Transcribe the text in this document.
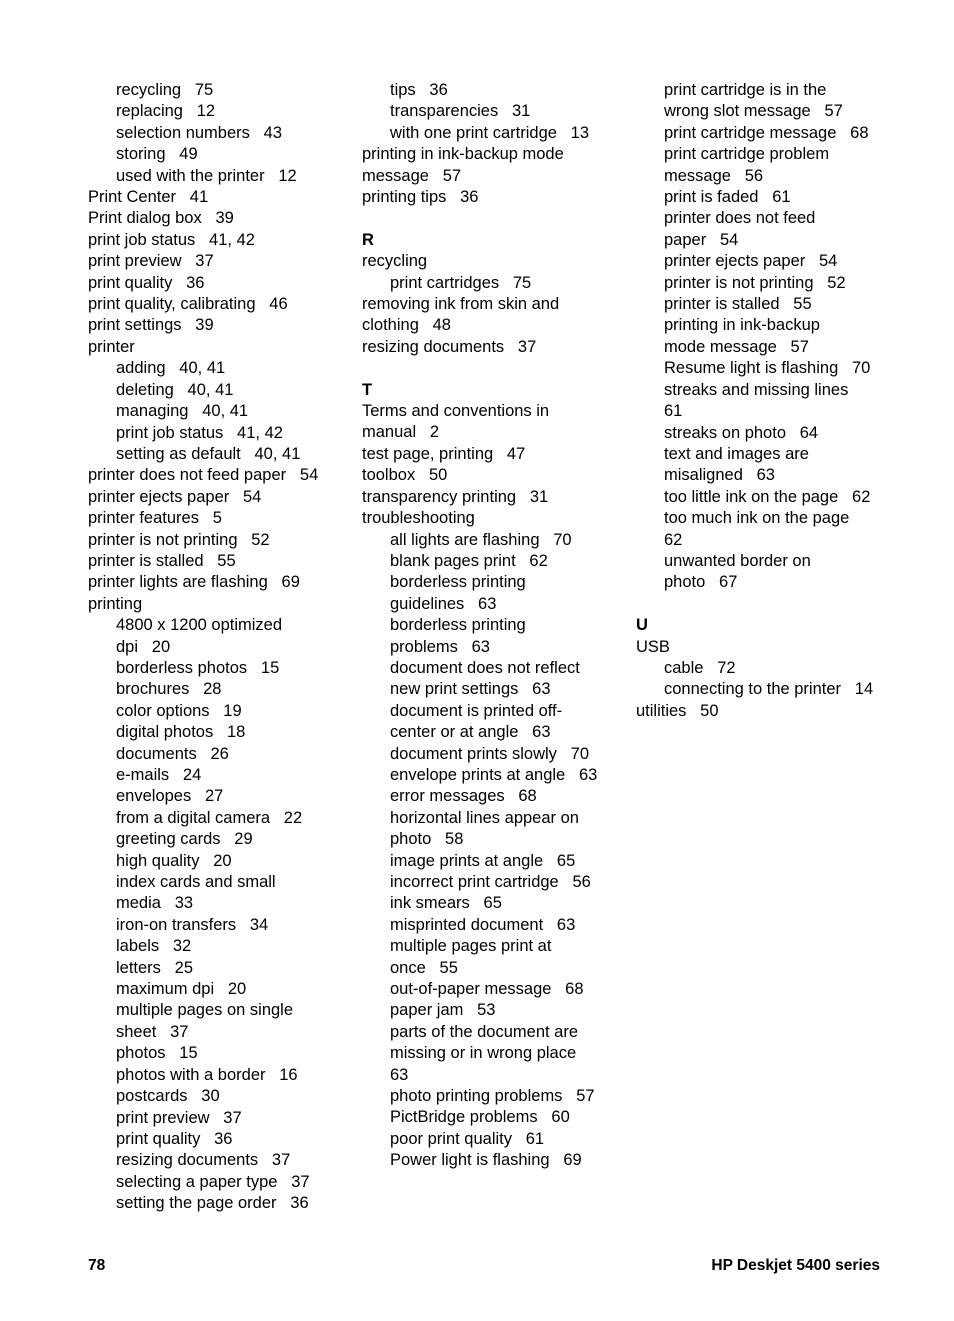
recycling   75
replacing   12
selection numbers   43
storing   49
used with the printer   12
Print Center   41
Print dialog box   39
print job status   41, 42
print preview   37
print quality   36
print quality, calibrating   46
print settings   39
printer
adding   40, 41
deleting   40, 41
managing   40, 41
print job status   41, 42
setting as default   40, 41
printer does not feed paper   54
printer ejects paper   54
printer features   5
printer is not printing   52
printer is stalled   55
printer lights are flashing   69
printing
4800 x 1200 optimized
dpi   20
borderless photos   15
brochures   28
color options   19
digital photos   18
documents   26
e-mails   24
envelopes   27
from a digital camera   22
greeting cards   29
high quality   20
index cards and small
media   33
iron-on transfers   34
labels   32
letters   25
maximum dpi   20
multiple pages on single
sheet   37
photos   15
photos with a border   16
postcards   30
print preview   37
print quality   36
resizing documents   37
selecting a paper type   37
setting the page order   36
tips   36
transparencies   31
with one print cartridge   13
printing in ink-backup mode
message   57
printing tips   36
R
recycling
print cartridges   75
removing ink from skin and
clothing   48
resizing documents   37
T
Terms and conventions in
manual   2
test page, printing   47
toolbox   50
transparency printing   31
troubleshooting
all lights are flashing   70
blank pages print   62
borderless printing
guidelines   63
borderless printing
problems   63
document does not reflect
new print settings   63
document is printed off-
center or at angle   63
document prints slowly   70
envelope prints at angle   63
error messages   68
horizontal lines appear on
photo   58
image prints at angle   65
incorrect print cartridge   56
ink smears   65
misprinted document   63
multiple pages print at
once   55
out-of-paper message   68
paper jam   53
parts of the document are
missing or in wrong place
63
photo printing problems   57
PictBridge problems   60
poor print quality   61
Power light is flashing   69
print cartridge is in the
wrong slot message   57
print cartridge message   68
print cartridge problem
message   56
print is faded   61
printer does not feed
paper   54
printer ejects paper   54
printer is not printing   52
printer is stalled   55
printing in ink-backup
mode message   57
Resume light is flashing   70
streaks and missing lines
61
streaks on photo   64
text and images are
misaligned   63
too little ink on the page   62
too much ink on the page
62
unwanted border on
photo   67
U
USB
cable   72
connecting to the printer   14
utilities   50
78	HP Deskjet 5400 series
